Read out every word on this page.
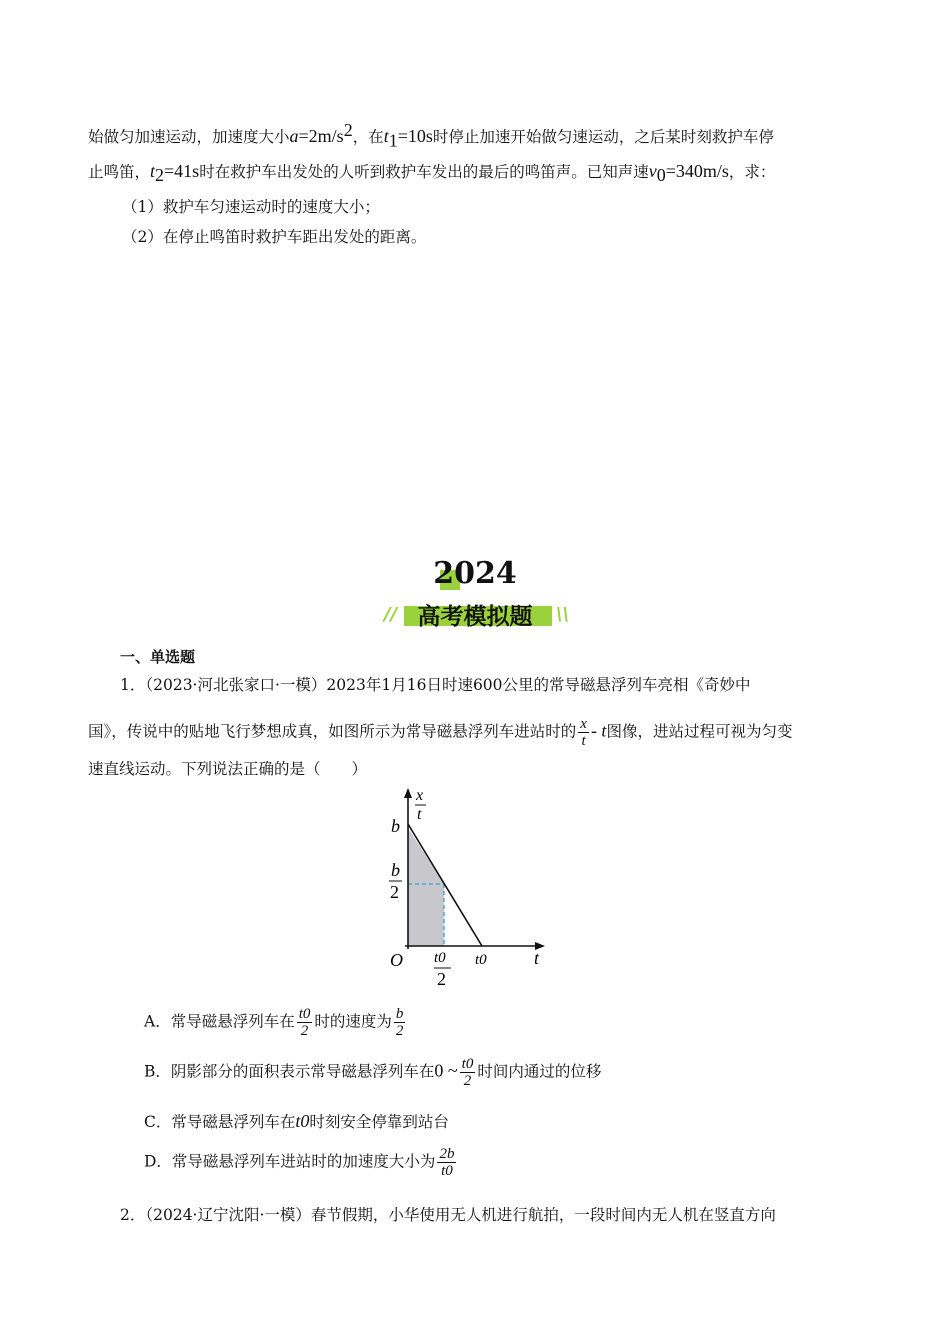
始做匀加速运动，加速度大小$a=2m/s^2$，在$t_1=10s$时停止加速开始做匀速运动，之后某时刻救护车停
止鸣笛，$t_2=41s$时在救护车出发处的人听到救护车发出的最后的鸣笛声。已知声速$v_0=340m/s$，求：
（1）救护车匀速运动时的速度大小；
（2）在停止鸣笛时救护车距出发处的距离。
2024
// 高考模拟题	\\
一、单选题
1．（2023·河北张家口·一模）2023年1月16日时速600公里的常导磁悬浮列车亮相《奇妙中
国》，传说中的贴地飞行梦想成真，如图所示为常导磁悬浮列车进站时的 $\frac{x}{t}$ - t图像，进站过程可视为匀变
速直线运动。下列说法正确的是（　　）
x
t
b
b
2
O t0
2
t0	t
A．常导磁悬浮列车在 $\frac{t0}{2}$ 时的速度为 $\frac{b}{2}$
B．阴影部分的面积表示常导磁悬浮列车在0 ~ $\frac{t0}{2}$ 时间内通过的位移
C．常导磁悬浮列车在t0时刻安全停靠到站台
D．常导磁悬浮列车进站时的加速度大小为 $\frac{2b}{t0}$
2．（2024·辽宁沈阳·一模）春节假期，小华使用无人机进行航拍，一段时间内无人机在竖直方向
